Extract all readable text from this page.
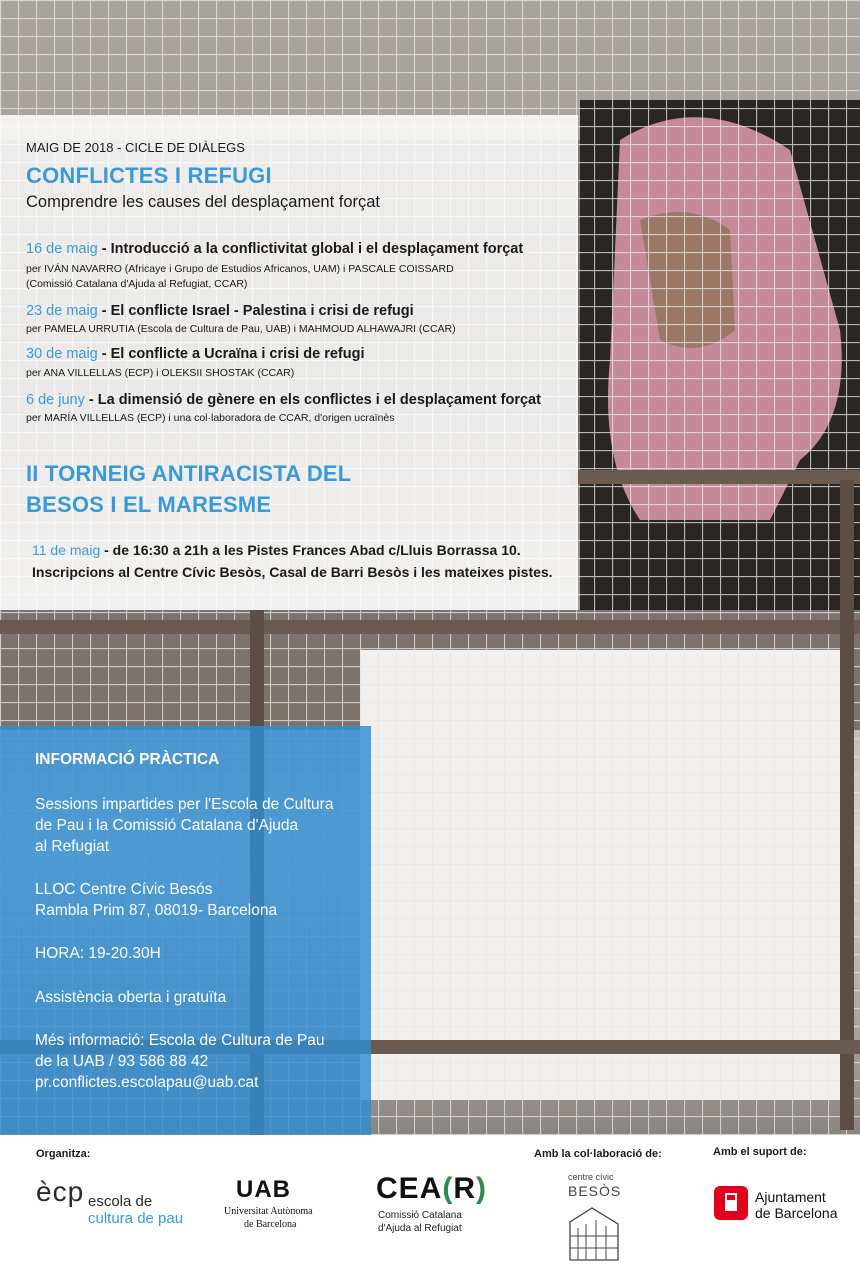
MAIG DE 2018 - CICLE DE DIÀLEGS
CONFLICTES I REFUGI
Comprendre les causes del desplaçament forçat
16 de maig - Introducció a la conflictivitat global i el desplaçament forçat
per IVÁN NAVARRO (Africaye i Grupo de Estudios Africanos, UAM) i PASCALE COISSARD
(Comissió Catalana d'Ajuda al Refugiat, CCAR)
23 de maig - El conflicte Israel - Palestina i crisi de refugi
per PAMELA URRUTIA (Escola de Cultura de Pau, UAB) i MAHMOUD ALHAWAJRI (CCAR)
30 de maig - El conflicte a Ucraïna i crisi de refugi
per ANA VILLELLAS (ECP) i OLEKSII SHOSTAK (CCAR)
6 de juny - La dimensió de gènere en els conflictes i el desplaçament forçat
per MARÍA VILLELLAS (ECP) i una col·laboradora de CCAR, d'origen ucraïnès
II TORNEIG ANTIRACISTA DEL
BESOS I EL MARESME
11 de maig - de 16:30 a 21h a les Pistes Frances Abad c/Lluis Borrassa 10.
Inscripcions al Centre Cívic Besòs, Casal de Barri Besòs i les mateixes pistes.
INFORMACIÓ PRÀCTICA
Sessions impartides per l'Escola de Cultura
de Pau i la Comissió Catalana d'Ajuda
al Refugiat
LLOC Centre Cívic Besós
Rambla Prim 87, 08019- Barcelona
HORA: 19-20.30H
Assistència oberta i gratuïta
Més informació: Escola de Cultura de Pau
de la UAB / 93 586 88 42
pr.conflictes.escolapau@uab.cat
Organitza:	Amb la col·laboració de:	Amb el suport de:
ècp escola de
cultura de pau
UAB
Universitat Autònoma
de Barcelona
CEA(R)
Comissió Catalana
d'Ajuda al Refugiat
centre cívic
BESÒS	Ajuntament
de Barcelona
